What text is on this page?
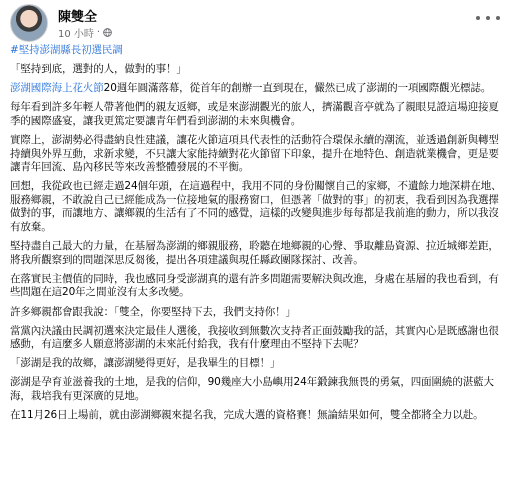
陳雙全
10 小時 ·

#堅持澎湖縣長初選民調

「堅持到底，選對的人，做對的事！」

澎湖國際海上花火節20週年圓滿落幕，從首年的創辦一直到現在，儼然已成了澎湖的一項國際觀光標誌。

每年看到許多年輕人帶著他們的親友返鄉，或是來澎湖觀光的旅人，擠滿觀音亭就為了親眼見證這場迎接夏季的國際盛宴，讓我更篤定要讓青年們看到澎湖的未來與機會。

實際上，澎湖勢必得盡納良性建議，讓花火節這項具代表性的活動符合環保永續的潮流，並透過創新與轉型持續與外界互動，求新求變，不只讓大家能持續對花火節留下印象，提升在地特色、創造就業機會，更是要讓青年回流、島內移民等來改善整體發展的不平衡。

回想，我從政也已經走過24個年頭，在這過程中，我用不同的身份關懷自己的家鄉，不遺餘力地深耕在地、服務鄉親，不敢說自己已經能成為一位接地氣的服務窗口，但憑著「做對的事」的初衷，我看到因為我選擇做對的事，而讓地方、讓鄉親的生活有了不同的感覺，這樣的改變與進步每每都是我前進的動力，所以我沒有放棄。

堅持盡自己最大的力量，在基層為澎湖的鄉親服務，聆聽在地鄉親的心聲、爭取離島資源、拉近城鄉差距，將我所觀察到的問題深思反芻後，提出各項建議與現任縣政團隊探討、改善。

在落實民主價值的同時，我也感同身受澎湖真的還有許多問題需要解決與改進，身處在基層的我也看到，有些問題在這20年之間並沒有太多改變。

許多鄉親都會跟我說：「雙全，你要堅持下去，我們支持你！」

當黨內決議由民調初選來決定最佳人選後，我接收到無數次支持者正面鼓勵我的話，其實內心是既感謝也很感動，有這麼多人願意將澎湖的未來託付給我，我有什麼理由不堅持下去呢？

「澎湖是我的故鄉，讓澎湖變得更好，是我畢生的目標！」

澎湖是孕育並滋養我的土地，是我的信仰，90幾座大小島嶼用24年鍛鍊我無畏的勇氣，四面圍繞的湛藍大海，栽培我有更深廣的見地。

在11月26日上場前，就由澎湖鄉親來提名我，完成大選的資格賽！無論結果如何，雙全都將全力以赴。
